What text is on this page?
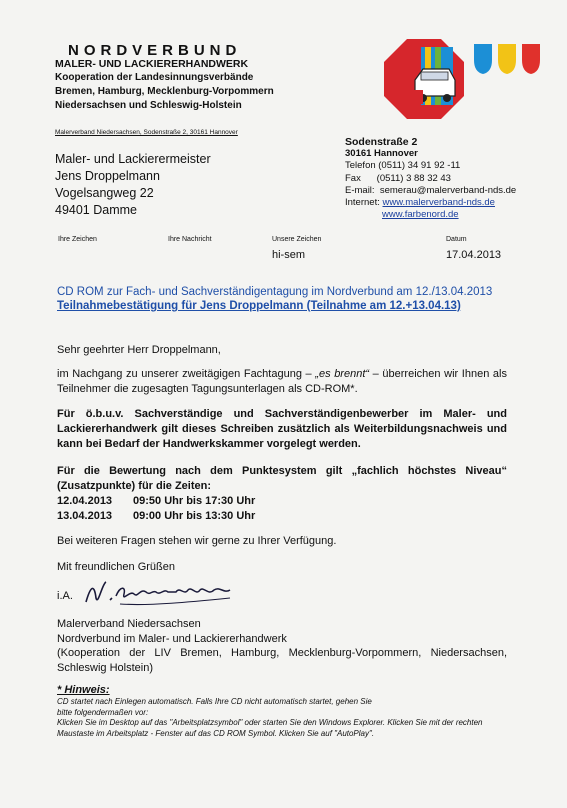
NORDVERBUND
MALER- UND LACKIERERHANDWERK
Kooperation der Landesinnungsverbände
Bremen, Hamburg, Mecklenburg-Vorpommern
Niedersachsen und Schleswig-Holstein
Malerverband Niedersachsen, Sodenstraße 2, 30161 Hannover
Maler- und Lackierermeister
Jens Droppelmann
Vogelsangweg 22
49401 Damme
Sodenstraße 2
30161 Hannover
Telefon (0511) 34 91 92 -11
Fax      (0511) 3 88 32 43
E-mail:  semerau@malerverband-nds.de
Internet: www.malerverband-nds.de
www.farbenord.de
Ihre Zeichen	Ihre Nachricht	Unsere Zeichen
hi-sem
Datum
17.04.2013
CD ROM zur Fach- und Sachverständigentagung im Nordverbund am 12./13.04.2013
Teilnahmebestätigung für Jens Droppelmann (Teilnahme am 12.+13.04.13)
Sehr geehrter Herr Droppelmann,
im Nachgang zu unserer zweitägigen Fachtagung – „es brennt“ – überreichen wir Ihnen als Teilnehmer die zugesagten Tagungsunterlagen als CD-ROM*.
Für ö.b.u.v. Sachverständige und Sachverständigenbewerber im Maler- und Lackiererhandwerk gilt dieses Schreiben zusätzlich als Weiterbildungsnachweis und kann bei Bedarf der Handwerkskammer vorgelegt werden.
Für die Bewertung nach dem Punktesystem gilt „fachlich höchstes Niveau“ (Zusatzpunkte) für die Zeiten:
12.04.2013 09:50 Uhr bis 17:30 Uhr
13.04.2013 09:00 Uhr bis 13:30 Uhr
Bei weiteren Fragen stehen wir gerne zu Ihrer Verfügung.
Mit freundlichen Grüßen
i.A.
Malerverband Niedersachsen
Nordverbund im Maler- und Lackiererhandwerk
(Kooperation der LIV Bremen, Hamburg, Mecklenburg-Vorpommern, Niedersachsen, Schleswig Holstein)
* Hinweis:
CD startet nach Einlegen automatisch. Falls Ihre CD nicht automatisch startet, gehen Sie
bitte folgendermaßen vor:
Klicken Sie im Desktop auf das "Arbeitsplatzsymbol" oder starten Sie den Windows Explorer. Klicken Sie mit der rechten Maustaste im Arbeitsplatz - Fenster auf das CD ROM Symbol. Klicken Sie auf "AutoPlay".
